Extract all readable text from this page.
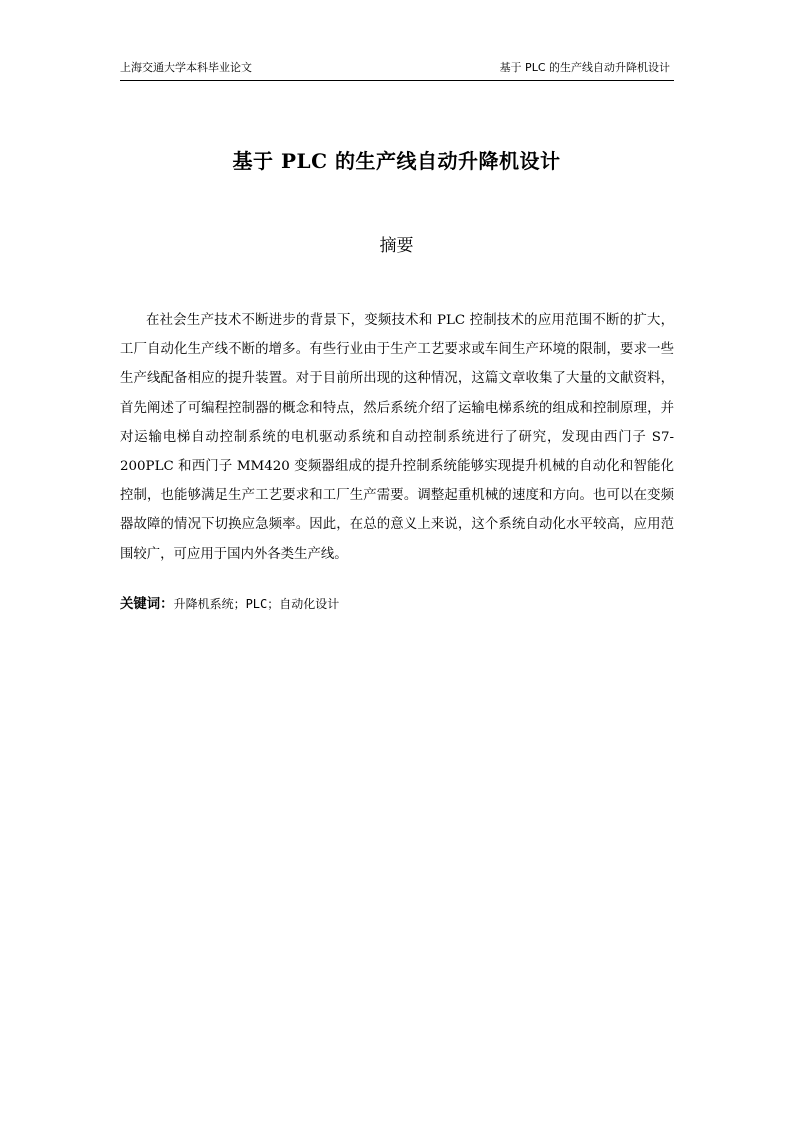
上海交通大学本科毕业论文	基于 PLC 的生产线自动升降机设计
基于 PLC 的生产线自动升降机设计
摘要

在社会生产技术不断进步的背景下，变频技术和 PLC 控制技术的应用范围不断的扩大，工厂自动化生产线不断的增多。有些行业由于生产工艺要求或车间生产环境的限制，要求一些生产线配备相应的提升装置。对于目前所出现的这种情况，这篇文章收集了大量的文献资料，首先阐述了可编程控制器的概念和特点，然后系统介绍了运输电梯系统的组成和控制原理，并对运输电梯自动控制系统的电机驱动系统和自动控制系统进行了研究，发现由西门子 S7-200PLC 和西门子 MM420 变频器组成的提升控制系统能够实现提升机械的自动化和智能化控制，也能够满足生产工艺要求和工厂生产需要。调整起重机械的速度和方向。也可以在变频器故障的情况下切换应急频率。因此，在总的意义上来说，这个系统自动化水平较高，应用范围较广，可应用于国内外各类生产线。

关键词：升降机系统；PLC；自动化设计
